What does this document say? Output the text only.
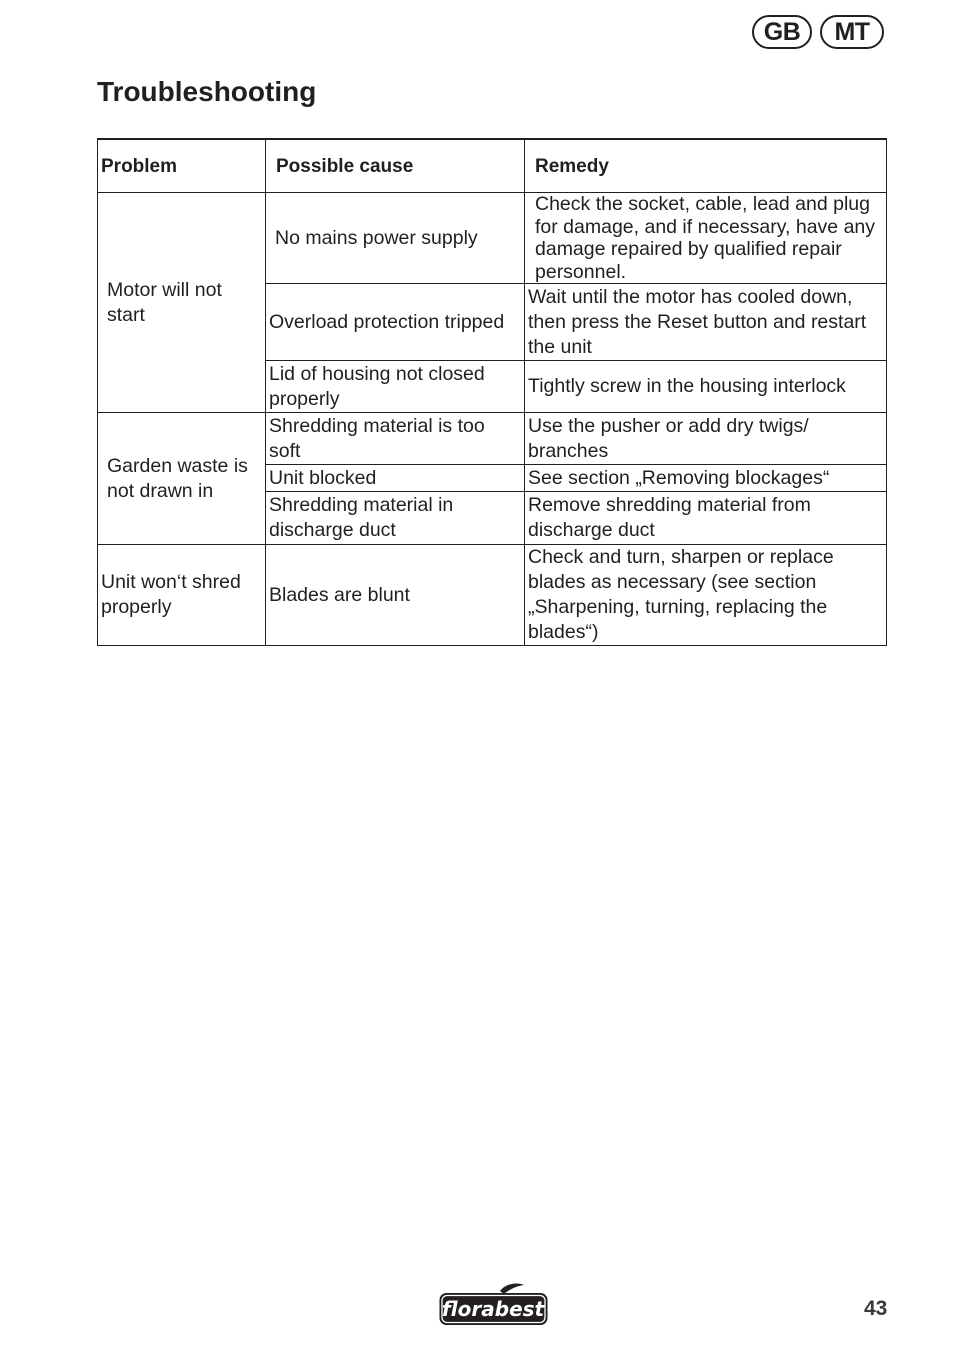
GB	MT
Troubleshooting
Problem	Possible cause	Remedy
Motor will not start	No mains power supply	Check the socket, cable, lead and plug for damage, and if necessary, have any damage repaired by qualified repair personnel.
	Overload protection tripped	Wait until the motor has cooled down, then press the Reset button and restart the unit
	Lid of housing not closed properly	Tightly screw in the housing interlock
Garden waste is not drawn in	Shredding material is too soft	Use the pusher or add dry twigs/ branches
	Unit blocked	See section „Removing blockages“
	Shredding material in discharge duct	Remove shredding material from discharge duct
Unit won‘t shred properly	Blades are blunt	Check and turn, sharpen or replace blades as necessary (see section „Sharpening, turning, replacing the blades“)
florabest	43
